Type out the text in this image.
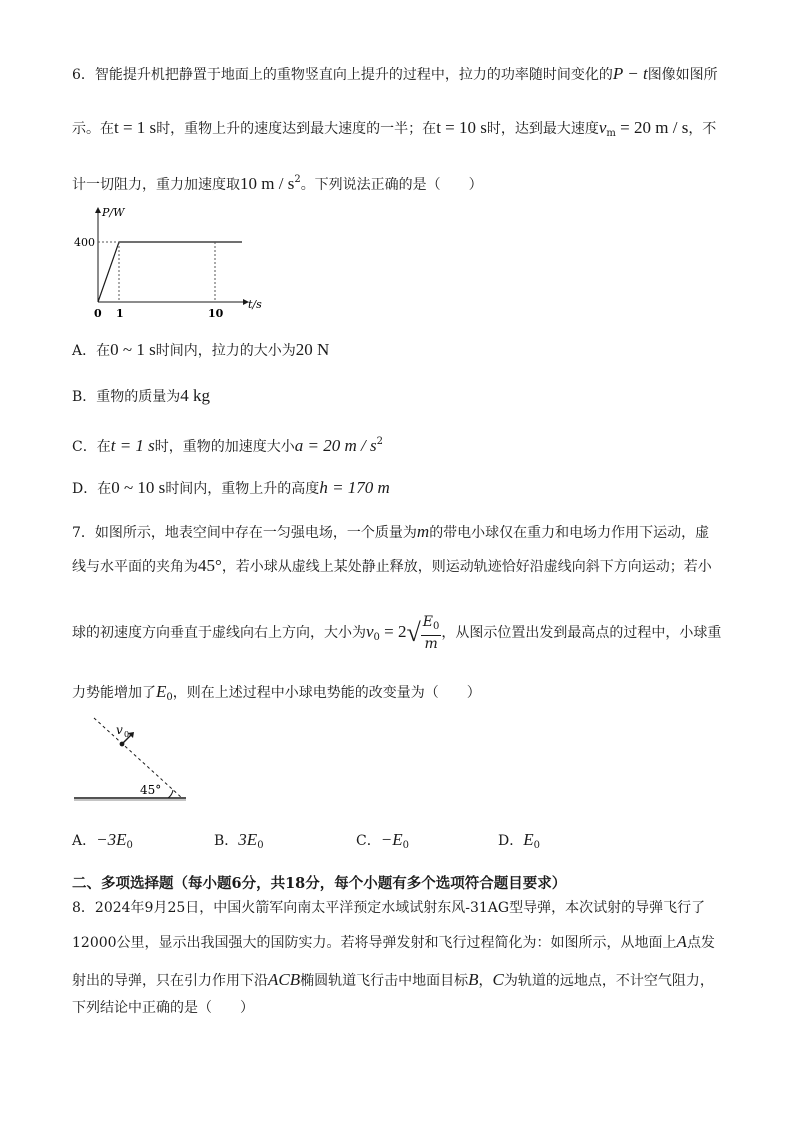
6．智能提升机把静置于地面上的重物竖直向上提升的过程中，拉力的功率随时间变化的P − t图像如图所
示。在t = 1 s时，重物上升的速度达到最大速度的一半；在t = 10 s时，达到最大速度$v_m = 20$ m / s，不
计一切阻力，重力加速度取10 m / $s^2$。下列说法正确的是（　　）
P/W
t/s
400
0 1	10
A．在0 ~ 1 s时间内，拉力的大小为20 N
B．重物的质量为4 kg
C．在t = 1 s时，重物的加速度大小a = 20 m / $s^2$
D．在0 ~ 10 s时间内，重物上升的高度h = 170 m
7．如图所示，地表空间中存在一匀强电场，一个质量为m的带电小球仅在重力和电场力作用下运动，虚
线与水平面的夹角为45°，若小球从虚线上某处静止释放，则运动轨迹恰好沿虚线向斜下方向运动；若小
球的初速度方向垂直于虚线向右上方向，大小为$v_0 = 2√ \frac{E_0}{m}$ ，从图示位置出发到最高点的过程中，小球重
力势能增加了$E_0$，则在上述过程中小球电势能的改变量为（　　）
v 0
45°
A．$-3E_0$	B．$3E_0$	C．$-E_0$	D．$E_0$
二、多项选择题（每小题6分，共18分，每个小题有多个选项符合题目要求）
8．2024年9月25日，中国火箭军向南太平洋预定水域试射东风-31AG型导弹，本次试射的导弹飞行了
12000公里，显示出我国强大的国防实力。若将导弹发射和飞行过程简化为：如图所示，从地面上A点发
射出的导弹，只在引力作用下沿ACB椭圆轨道飞行击中地面目标B，C为轨道的远地点，不计空气阻力，
下列结论中正确的是（　　）
